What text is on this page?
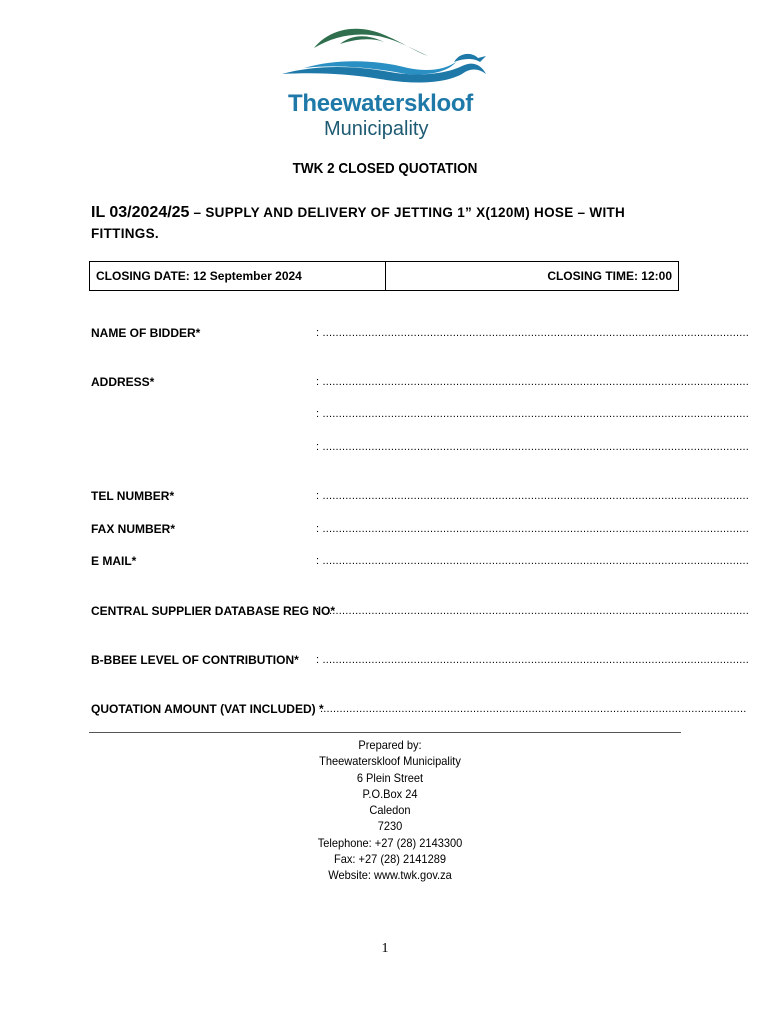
Theewaterskloof
Municipality
TWK 2 CLOSED QUOTATION
IL 03/2024/25 – SUPPLY AND DELIVERY OF JETTING 1” X(120M) HOSE – WITH FITTINGS.
CLOSING DATE: 12 September 2024	CLOSING TIME: 12:00
NAME OF BIDDER*	: ...................................................................................................................................
ADDRESS*	: ...................................................................................................................................
: ...................................................................................................................................
: ...................................................................................................................................
TEL NUMBER*	: ...................................................................................................................................
FAX NUMBER*	: ...................................................................................................................................
E MAIL*	: ...................................................................................................................................
CENTRAL SUPPLIER DATABASE REG NO*
: ...................................................................................................................................
B-BBEE LEVEL OF CONTRIBUTION* : ...................................................................................................................................
QUOTATION AMOUNT (VAT INCLUDED) *
:..................................................................................................................................
Prepared by:
Theewaterskloof Municipality
6 Plein Street
P.O.Box 24
Caledon
7230
Telephone: +27 (28) 2143300
Fax: +27 (28) 2141289
Website: www.twk.gov.za
1
